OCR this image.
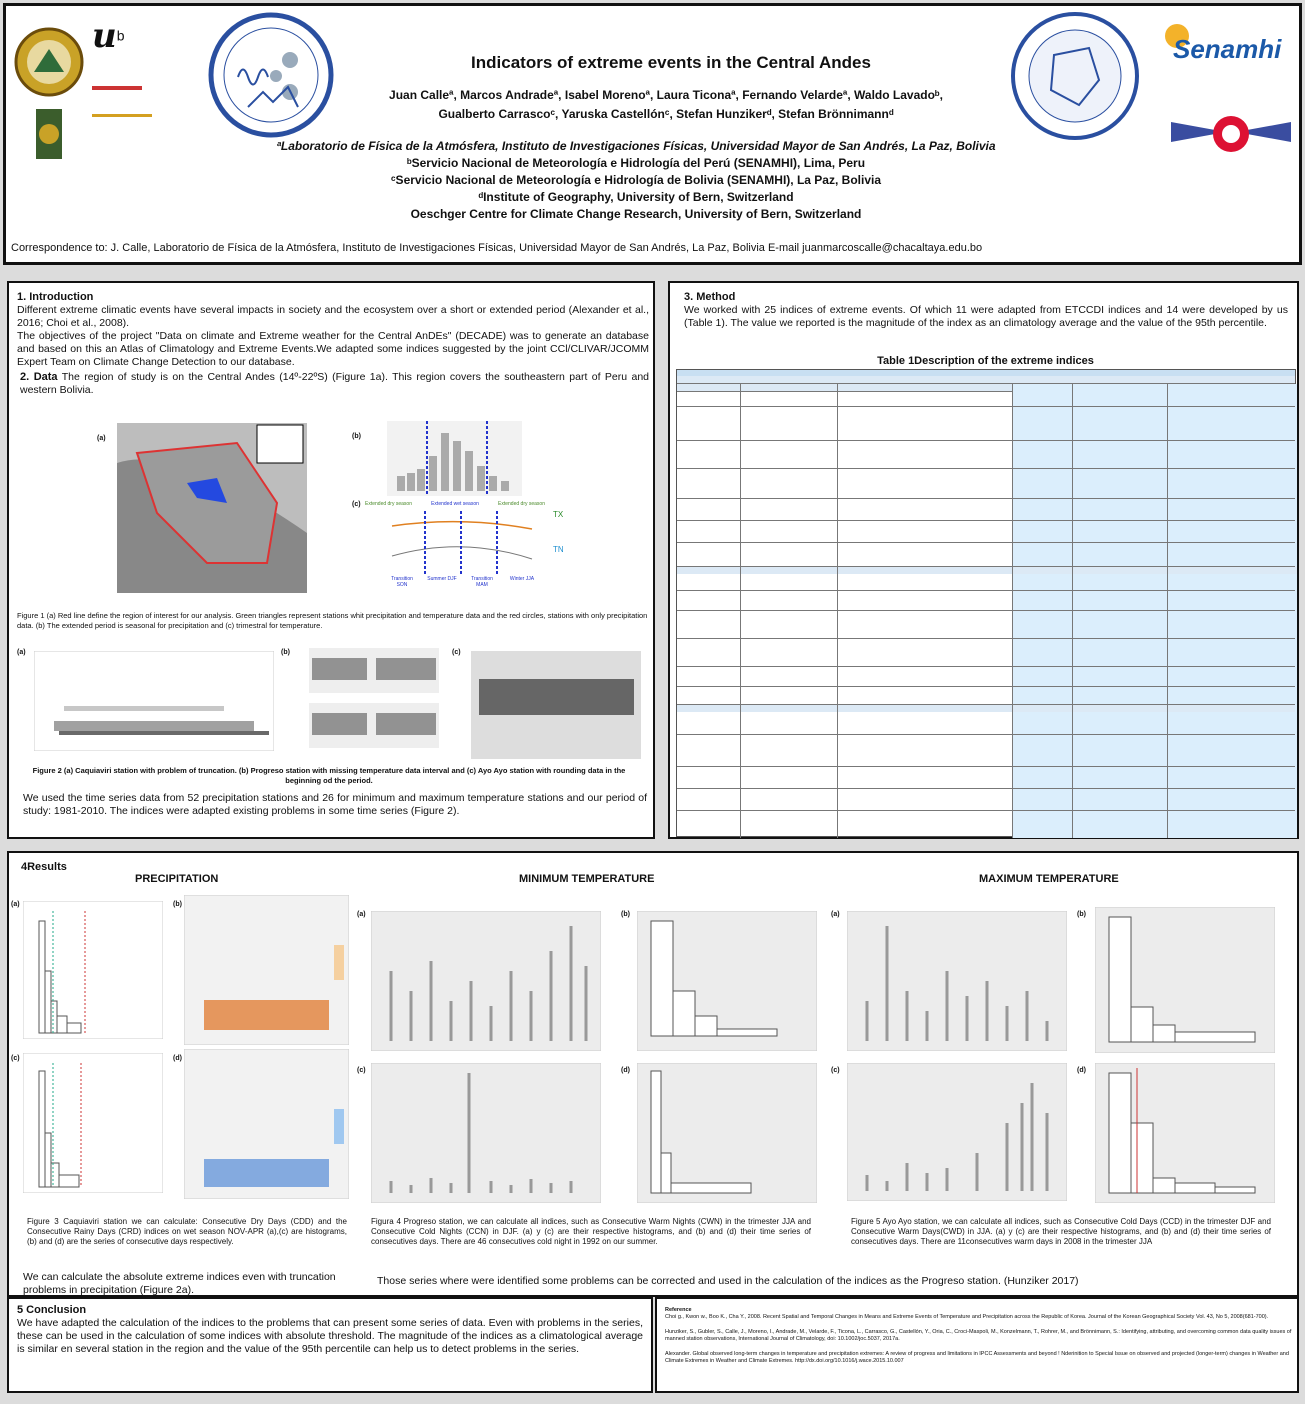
$u^b$
Indicators of extreme events in the Central Andes
Juan Calleª, Marcos Andradeª, Isabel Morenoª, Laura Ticonaª, Fernando Velardeª, Waldo Lavadoᵇ,
Gualberto Carrascoᶜ, Yaruska Castellónᶜ, Stefan Hunzikerᵈ, Stefan Brönnimannᵈ
ªLaboratorio de Física de la Atmósfera, Instituto de Investigaciones Físicas, Universidad Mayor de San Andrés, La Paz, Bolivia
ᵇServicio Nacional de Meteorología e Hidrología del Perú (SENAMHI), Lima, Peru
ᶜServicio Nacional de Meteorología e Hidrología de Bolivia (SENAMHI), La Paz, Bolivia
ᵈInstitute of Geography, University of Bern, Switzerland
Oeschger Centre for Climate Change Research, University of Bern, Switzerland
Senamhi
Correspondence to: J. Calle, Laboratorio de Física de la Atmósfera, Instituto de Investigaciones Físicas, Universidad Mayor de San Andrés, La Paz, Bolivia E-mail juanmarcoscalle@chacaltaya.edu.bo
1. Introduction
Different extreme climatic events have several impacts in society and the ecosystem over a short or extended period (Alexander et al., 2016; Choi et al., 2008).
The objectives of the project "Data on climate and Extreme weather for the Central AnDEs" (DECADE) was to generate an database and based on this an Atlas of Climatology and Extreme Events.We adapted some indices suggested by the joint CCl/CLIVAR/JCOMM Expert Team on Climate Change Detection to our database.
2. Data The region of study is on the Central Andes (14º-22ºS) (Figure 1a). This region covers the southeastern part of Peru and western Bolivia.
(a)	(b)
Extended dry season	Extended wet season	Extended dry season
(c)
TX
TN
Transition SON
Summer DJF	Transition MAM
Winter JJA
Figure 1 (a) Red line define the region of interest for our analysis. Green triangles represent stations whit precipitation and temperature data and the red circles, stations with only precipitation data. (b) The extended period is seasonal for precipitation and (c) trimestral for temperature.
(a)	(b)	(c)
Figure 2 (a) Caquiaviri station with problem of truncation. (b) Progreso station with missing temperature data interval and (c) Ayo Ayo station with rounding data in the beginning od the period.
We used the time series data from 52 precipitation stations and 26 for minimum and maximum temperature stations and our period of study: 1981-2010. The indices were adapted existing problems in some time series (Figure 2).
3. Method
We worked with 25 indices of extreme events. Of which 11 were adapted from ETCCDI indices and 14 were developed by us (Table 1). The value we reported is the magnitude of the index as an climatology average and the value of the 95th percentile.
Table 1Description of the extreme indices
4Results
PRECIPITATION	MINIMUM TEMPERATURE	MAXIMUM TEMPERATURE
(a)	(b)
(c)	(d)
(a)	(b)
(c)	(d)
(a)	(b)
(c)	(d)
Figure 3 Caquiaviri station we can calculate: Consecutive Dry Days (CDD) and the Consecutive Rainy Days (CRD) indices on wet season NOV-APR (a),(c) are histograms, (b) and (d) are the series of consecutive days respectively.
Figura 4 Progreso station, we can calculate all indices, such as Consecutive Warm Nights (CWN) in the trimester JJA and Consecutive Cold Nights (CCN) in DJF. (a) y (c) are their respective histograms, and (b) and (d) their time series of consecutives days. There are 46 consecutives cold night in 1992 on our summer.
Figure 5 Ayo Ayo station, we can calculate all indices, such as Consecutive Cold Days (CCD) in the trimester DJF and Consecutive Warm Days(CWD) in JJA. (a) y (c) are their respective histograms, and (b) and (d) their time series of consecutives days. There are 11consecutives warm days in 2008 in the trimester JJA
We can calculate the absolute extreme indices even with truncation problems in precipitation (Figure 2a).
Those series where were identified some problems can be corrected and used in the calculation of the indices as the Progreso station. (Hunziker 2017)
5 Conclusion
We have adapted the calculation of the indices to the problems that can present some series of data. Even with problems in the series, these can be used in the calculation of some indices with absolute threshold. The magnitude of the indices as a climatological average is similar en several station in the region and the value of the 95th percentile can help us to detect problems in the series.
Reference
Choi g., Kwon w., Boo K., Cha Y., 2008. Recent Spatial and Temporal Changes in Means and Extreme Events of Temperature and Precipitation across the Republic of Korea. Journal of the Korean Geographical Society Vol. 43, No 5, 2008(681-700).
Hunziker, S., Gubler, S., Calle, J., Moreno, I., Andrade, M., Velarde, F., Ticona, L., Carrasco, G., Castellón, Y., Oria, C., Croci-Maspoli, M., Konzelmann, T., Rohrer, M., and Brönnimann, S.: Identifying, attributing, and overcoming common data quality issues of manned station observations, International Journal of Climatology, doi: 10.1002/joc.5037, 2017a.
Alexander. Global observed long-term changes in temperature and precipitation extremes: A review of progress and limitations in IPCC Assessments and beyond ! Nderinition to Special Issue on observed and projected (longer-term) changes in Weather and Climate Extremes in Weather and Climate Extremes. http://dx.doi.org/10.1016/j.wace.2015.10.007
